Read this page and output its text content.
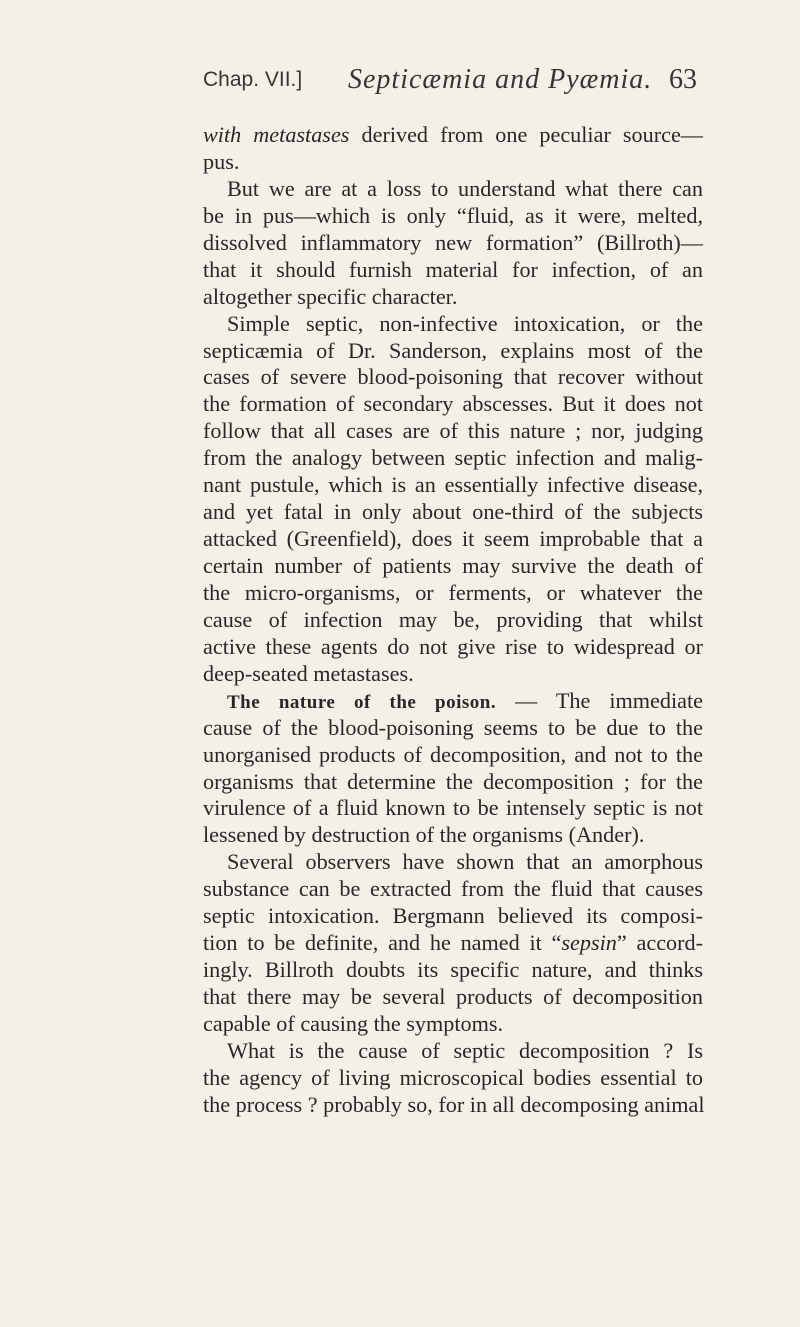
Chap. VII.] Septicæmia and Pyæmia. 63
with metastases derived from one peculiar source—
pus.
But we are at a loss to understand what there can
be in pus—which is only “fluid, as it were, melted,
dissolved inflammatory new formation” (Billroth)—
that it should furnish material for infection, of an
altogether specific character.
Simple septic, non-infective intoxication, or the
septicæmia of Dr. Sanderson, explains most of the
cases of severe blood-poisoning that recover without
the formation of secondary abscesses. But it does not
follow that all cases are of this nature ; nor, judging
from the analogy between septic infection and malig-
nant pustule, which is an essentially infective disease,
and yet fatal in only about one-third of the subjects
attacked (Greenfield), does it seem improbable that a
certain number of patients may survive the death of
the micro-organisms, or ferments, or whatever the
cause of infection may be, providing that whilst
active these agents do not give rise to widespread or
deep-seated metastases.
The nature of the poison. — The immediate
cause of the blood-poisoning seems to be due to the
unorganised products of decomposition, and not to the
organisms that determine the decomposition ; for the
virulence of a fluid known to be intensely septic is not
lessened by destruction of the organisms (Ander).
Several observers have shown that an amorphous
substance can be extracted from the fluid that causes
septic intoxication. Bergmann believed its composi-
tion to be definite, and he named it “sepsin” accord-
ingly. Billroth doubts its specific nature, and thinks
that there may be several products of decomposition
capable of causing the symptoms.
What is the cause of septic decomposition ? Is
the agency of living microscopical bodies essential to
the process ? probably so, for in all decomposing animal
